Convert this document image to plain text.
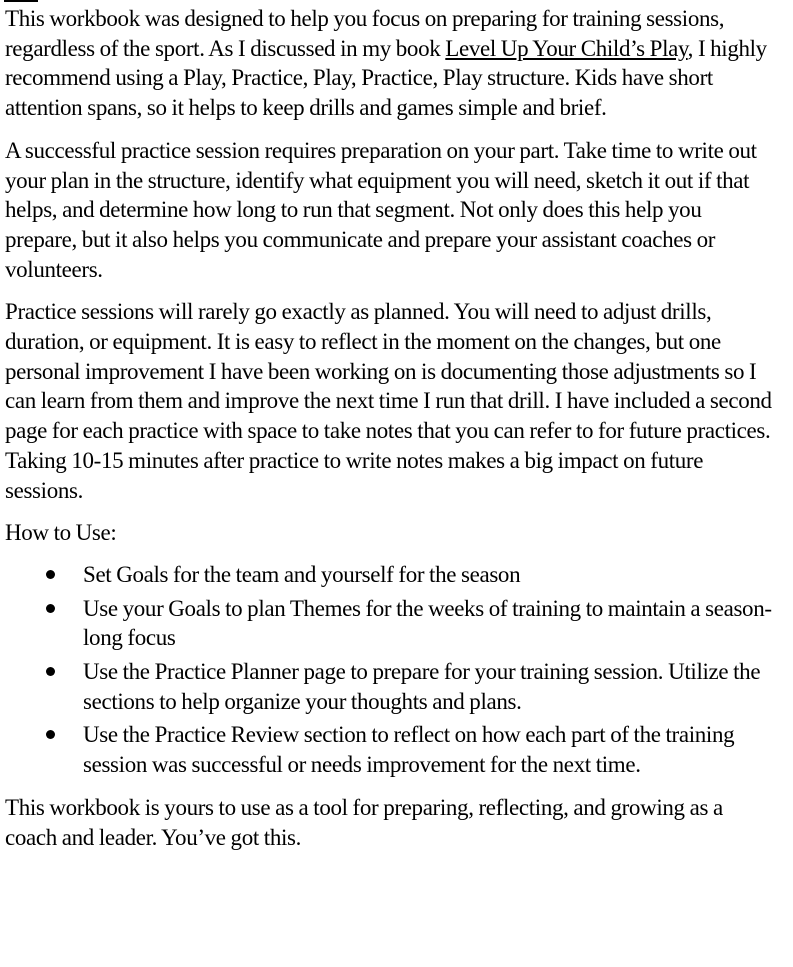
This workbook was designed to help you focus on preparing for training sessions, regardless of the sport. As I discussed in my book Level Up Your Child’s Play, I highly recommend using a Play, Practice, Play, Practice, Play structure. Kids have short attention spans, so it helps to keep drills and games simple and brief.

A successful practice session requires preparation on your part. Take time to write out your plan in the structure, identify what equipment you will need, sketch it out if that helps, and determine how long to run that segment. Not only does this help you prepare, but it also helps you communicate and prepare your assistant coaches or volunteers.

Practice sessions will rarely go exactly as planned. You will need to adjust drills, duration, or equipment. It is easy to reflect in the moment on the changes, but one personal improvement I have been working on is documenting those adjustments so I can learn from them and improve the next time I run that drill. I have included a second page for each practice with space to take notes that you can refer to for future practices. Taking 10-15 minutes after practice to write notes makes a big impact on future sessions.

How to Use:

Set Goals for the team and yourself for the season
Use your Goals to plan Themes for the weeks of training to maintain a season-long focus
Use the Practice Planner page to prepare for your training session. Utilize the sections to help organize your thoughts and plans.
Use the Practice Review section to reflect on how each part of the training session was successful or needs improvement for the next time.

This workbook is yours to use as a tool for preparing, reflecting, and growing as a coach and leader. You’ve got this.
